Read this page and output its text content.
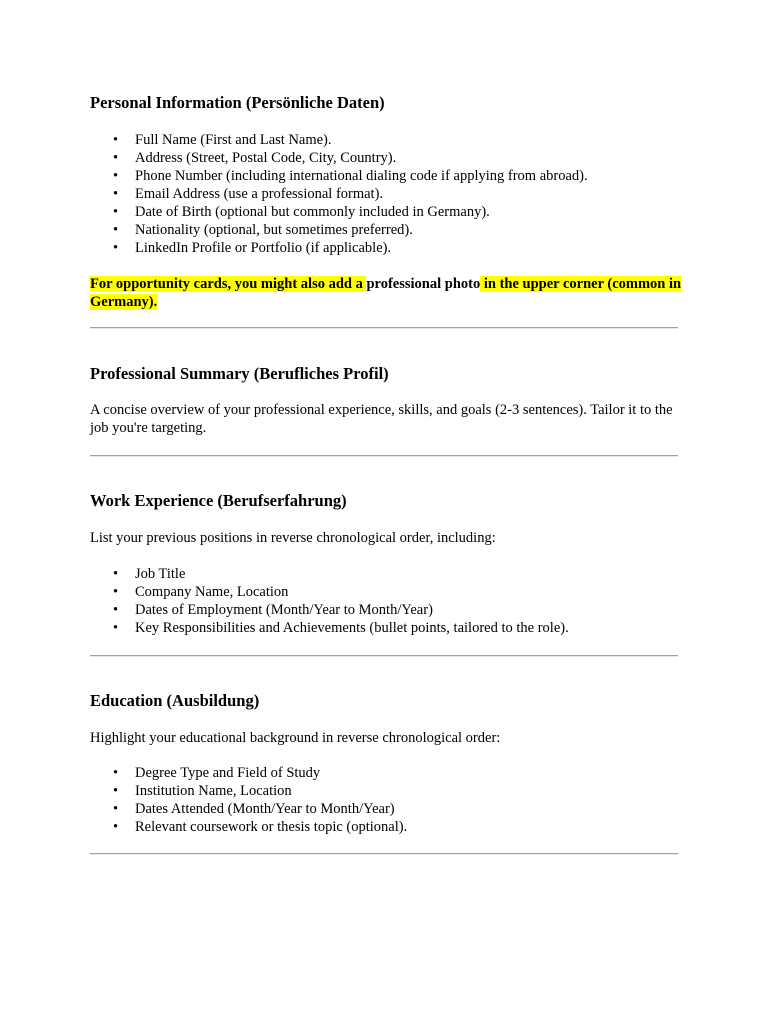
Personal Information (Persönliche Daten)
• Full Name (First and Last Name).
• Address (Street, Postal Code, City, Country).
• Phone Number (including international dialing code if applying from abroad).
• Email Address (use a professional format).
• Date of Birth (optional but commonly included in Germany).
• Nationality (optional, but sometimes preferred).
• LinkedIn Profile or Portfolio (if applicable).
For opportunity cards, you might also add a professional photo in the upper corner (common in Germany).
Professional Summary (Berufliches Profil)
A concise overview of your professional experience, skills, and goals (2-3 sentences). Tailor it to the job you're targeting.
Work Experience (Berufserfahrung)
List your previous positions in reverse chronological order, including:
• Job Title
• Company Name, Location
• Dates of Employment (Month/Year to Month/Year)
• Key Responsibilities and Achievements (bullet points, tailored to the role).
Education (Ausbildung)
Highlight your educational background in reverse chronological order:
• Degree Type and Field of Study
• Institution Name, Location
• Dates Attended (Month/Year to Month/Year)
• Relevant coursework or thesis topic (optional).
